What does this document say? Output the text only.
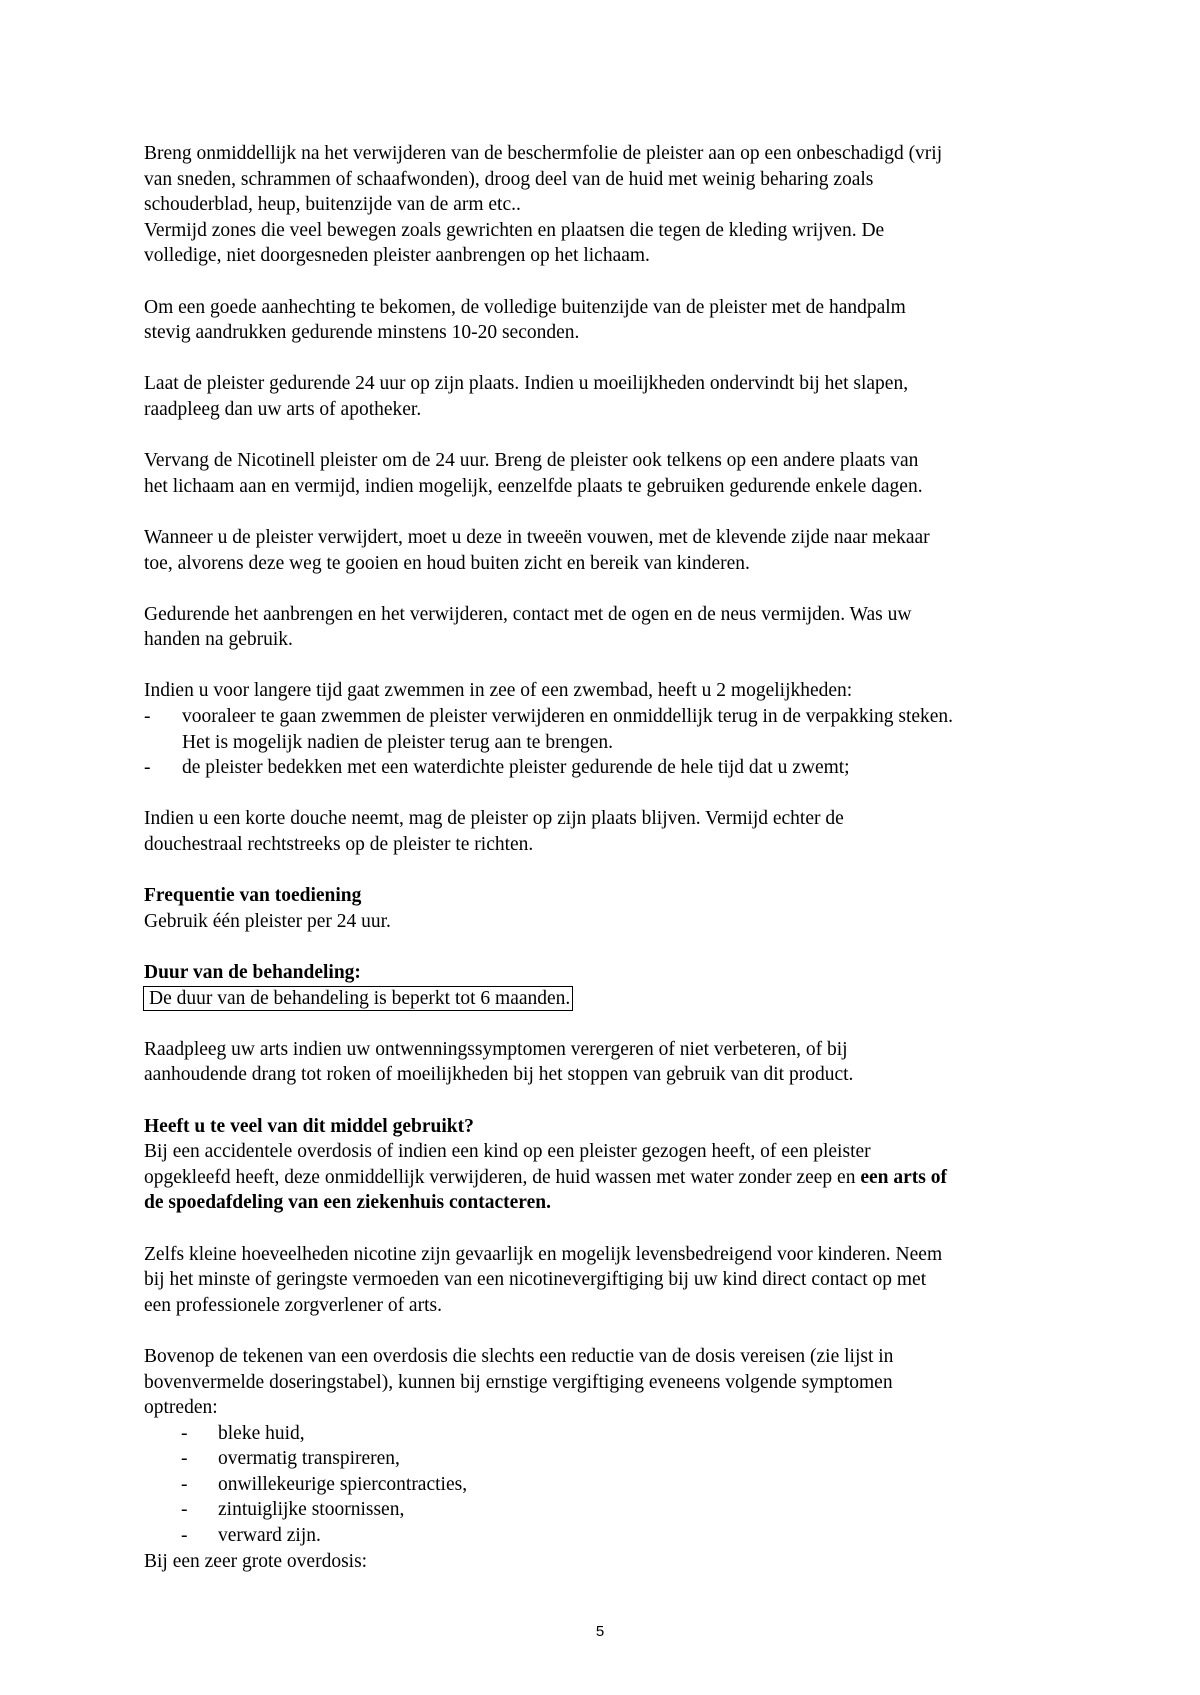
Breng onmiddellijk na het verwijderen van de beschermfolie de pleister aan op een onbeschadigd (vrij
van sneden, schrammen of schaafwonden), droog deel van de huid met weinig beharing zoals
schouderblad, heup, buitenzijde van de arm etc..
Vermijd zones die veel bewegen zoals gewrichten en plaatsen die tegen de kleding wrijven. De
volledige, niet doorgesneden pleister aanbrengen op het lichaam.
Om een goede aanhechting te bekomen, de volledige buitenzijde van de pleister met de handpalm
stevig aandrukken gedurende minstens 10-20 seconden.
Laat de pleister gedurende 24 uur op zijn plaats. Indien u moeilijkheden ondervindt bij het slapen,
raadpleeg dan uw arts of apotheker.
Vervang de Nicotinell pleister om de 24 uur. Breng de pleister ook telkens op een andere plaats van
het lichaam aan en vermijd, indien mogelijk, eenzelfde plaats te gebruiken gedurende enkele dagen.
Wanneer u de pleister verwijdert, moet u deze in tweeën vouwen, met de klevende zijde naar mekaar
toe, alvorens deze weg te gooien en houd buiten zicht en bereik van kinderen.
Gedurende het aanbrengen en het verwijderen, contact met de ogen en de neus vermijden. Was uw
handen na gebruik.
Indien u voor langere tijd gaat zwemmen in zee of een zwembad, heeft u 2 mogelijkheden:
- vooraleer te gaan zwemmen de pleister verwijderen en onmiddellijk terug in de verpakking steken.
Het is mogelijk nadien de pleister terug aan te brengen.
- de pleister bedekken met een waterdichte pleister gedurende de hele tijd dat u zwemt;
Indien u een korte douche neemt, mag de pleister op zijn plaats blijven. Vermijd echter de
douchestraal rechtstreeks op de pleister te richten.
Frequentie van toediening
Gebruik één pleister per 24 uur.
Duur van de behandeling:
De duur van de behandeling is beperkt tot 6 maanden.
Raadpleeg uw arts indien uw ontwenningssymptomen verergeren of niet verbeteren, of bij
aanhoudende drang tot roken of moeilijkheden bij het stoppen van gebruik van dit product.
Heeft u te veel van dit middel gebruikt?
Bij een accidentele overdosis of indien een kind op een pleister gezogen heeft, of een pleister
opgekleefd heeft, deze onmiddellijk verwijderen, de huid wassen met water zonder zeep en een arts of
de spoedafdeling van een ziekenhuis contacteren.
Zelfs kleine hoeveelheden nicotine zijn gevaarlijk en mogelijk levensbedreigend voor kinderen. Neem
bij het minste of geringste vermoeden van een nicotinevergiftiging bij uw kind direct contact op met
een professionele zorgverlener of arts.
Bovenop de tekenen van een overdosis die slechts een reductie van de dosis vereisen (zie lijst in
bovenvermelde doseringstabel), kunnen bij ernstige vergiftiging eveneens volgende symptomen
optreden:
- bleke huid,
- overmatig transpireren,
- onwillekeurige spiercontracties,
- zintuiglijke stoornissen,
- verward zijn.
Bij een zeer grote overdosis:
5
